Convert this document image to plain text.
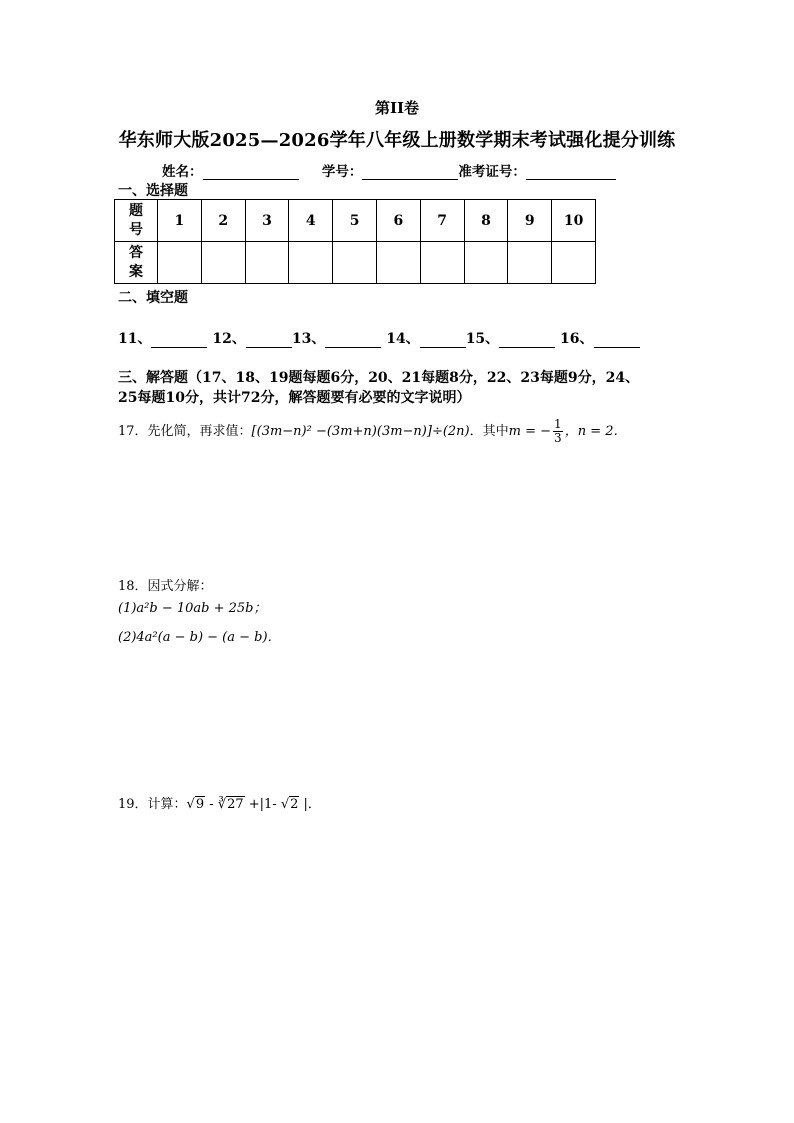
第II卷
华东师大版2025—2026学年八年级上册数学期末考试强化提分训练
姓名：	学号：	准考证号：
一、选择题
题
号	1	2	3	4	5	6	7	8	9	10
答
案										
二、填空题
11、	12、	13、	14、	15、	16、
三、解答题（17、18、19题每题6分，20、21每题8分，22、23每题9分，24、
25每题10分，共计72分，解答题要有必要的文字说明）
17．先化简，再求值：[(3m−n)² −(3m+n)(3m−n)]÷(2n)．其中m = − $\frac{1}{3}$ ，n = 2．
18．因式分解：
(1)a²b − 10ab + 25b；
(2)4a²(a − b) − (a − b)．
19．计算：√9 - ∛27 +|1- √2 |．
